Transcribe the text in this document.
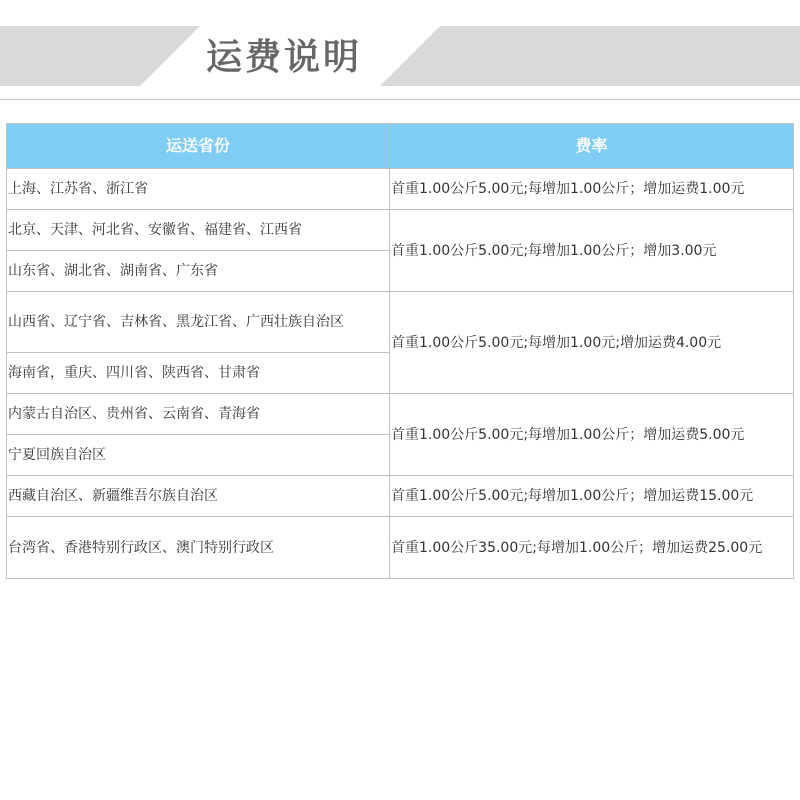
运费说明
运送省份	费率
上海、江苏省、浙江省	首重1.00公斤5.00元;每增加1.00公斤；增加运费1.00元
北京、天津、河北省、安徽省、福建省、江西省	首重1.00公斤5.00元;每增加1.00公斤；增加3.00元
山东省、湖北省、湖南省、广东省	
山西省、辽宁省、吉林省、黑龙江省、广西壮族自治区	首重1.00公斤5.00元;每增加1.00元;增加运费4.00元
海南省，重庆、四川省、陕西省、甘肃省	
内蒙古自治区、贵州省、云南省、青海省	首重1.00公斤5.00元;每增加1.00公斤；增加运费5.00元
宁夏回族自治区	
西藏自治区、新疆维吾尔族自治区	首重1.00公斤5.00元;每增加1.00公斤；增加运费15.00元
台湾省、香港特别行政区、澳门特别行政区	首重1.00公斤35.00元;每增加1.00公斤；增加运费25.00元
